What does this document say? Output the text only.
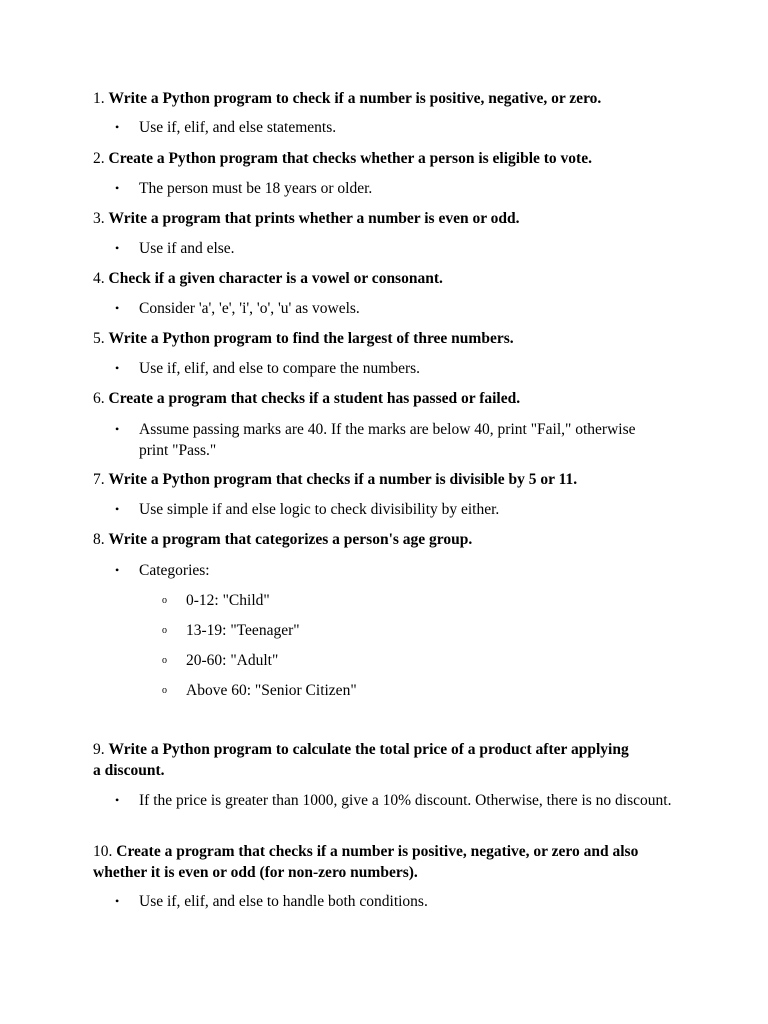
1. Write a Python program to check if a number is positive, negative, or zero.
• Use if, elif, and else statements.
2. Create a Python program that checks whether a person is eligible to vote.
• The person must be 18 years or older.
3. Write a program that prints whether a number is even or odd.
• Use if and else.
4. Check if a given character is a vowel or consonant.
• Consider 'a', 'e', 'i', 'o', 'u' as vowels.
5. Write a Python program to find the largest of three numbers.
• Use if, elif, and else to compare the numbers.
6. Create a program that checks if a student has passed or failed.
• Assume passing marks are 40. If the marks are below 40, print "Fail," otherwise print "Pass."
7. Write a Python program that checks if a number is divisible by 5 or 11.
• Use simple if and else logic to check divisibility by either.
8. Write a program that categorizes a person's age group.
• Categories:
o 0-12: "Child"
o 13-19: "Teenager"
o 20-60: "Adult"
o Above 60: "Senior Citizen"
9. Write a Python program to calculate the total price of a product after applying a discount.
• If the price is greater than 1000, give a 10% discount. Otherwise, there is no discount.
10. Create a program that checks if a number is positive, negative, or zero and also whether it is even or odd (for non-zero numbers).
• Use if, elif, and else to handle both conditions.
